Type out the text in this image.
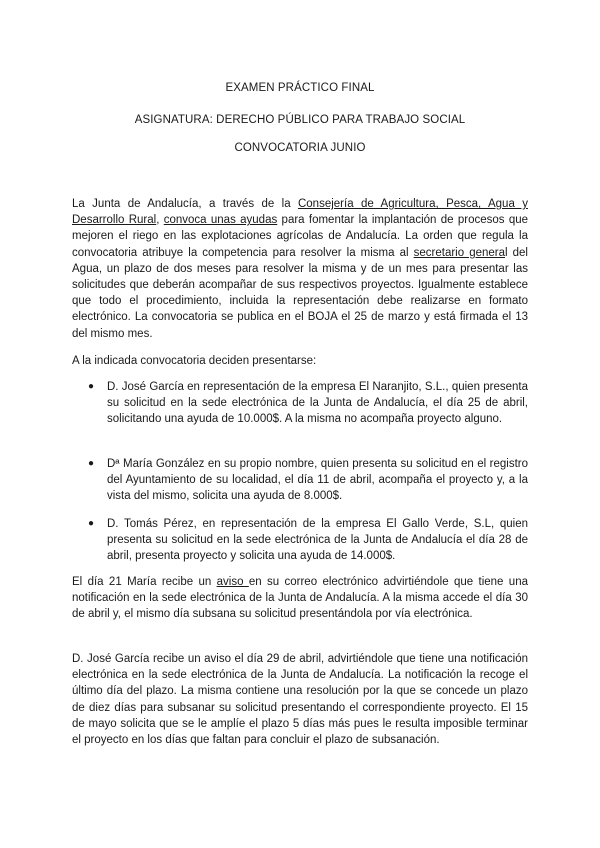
EXAMEN PRÁCTICO FINAL
ASIGNATURA: DERECHO PÚBLICO PARA TRABAJO SOCIAL
CONVOCATORIA JUNIO
La Junta de Andalucía, a través de la Consejería de Agricultura, Pesca, Agua y Desarrollo Rural, convoca unas ayudas para fomentar la implantación de procesos que mejoren el riego en las explotaciones agrícolas de Andalucía. La orden que regula la convocatoria atribuye la competencia para resolver la misma al secretario general del Agua, un plazo de dos meses para resolver la misma y de un mes para presentar las solicitudes que deberán acompañar de sus respectivos proyectos. Igualmente establece que todo el procedimiento, incluida la representación debe realizarse en formato electrónico. La convocatoria se publica en el BOJA el 25 de marzo y está firmada el 13 del mismo mes.
A la indicada convocatoria deciden presentarse:
● D. José García en representación de la empresa El Naranjito, S.L., quien presenta su solicitud en la sede electrónica de la Junta de Andalucía, el día 25 de abril, solicitando una ayuda de 10.000$. A la misma no acompaña proyecto alguno.
● Dª María González en su propio nombre, quien presenta su solicitud en el registro del Ayuntamiento de su localidad, el día 11 de abril, acompaña el proyecto y, a la vista del mismo, solicita una ayuda de 8.000$.
● D. Tomás Pérez, en representación de la empresa El Gallo Verde, S.L, quien presenta su solicitud en la sede electrónica de la Junta de Andalucía el día 28 de abril, presenta proyecto y solicita una ayuda de 14.000$.
El día 21 María recibe un aviso en su correo electrónico advirtiéndole que tiene una notificación en la sede electrónica de la Junta de Andalucía. A la misma accede el día 30 de abril y, el mismo día subsana su solicitud presentándola por vía electrónica.
D. José García recibe un aviso el día 29 de abril, advirtiéndole que tiene una notificación electrónica en la sede electrónica de la Junta de Andalucía. La notificación la recoge el último día del plazo. La misma contiene una resolución por la que se concede un plazo de diez días para subsanar su solicitud presentando el correspondiente proyecto. El 15 de mayo solicita que se le amplíe el plazo 5 días más pues le resulta imposible terminar el proyecto en los días que faltan para concluir el plazo de subsanación.
